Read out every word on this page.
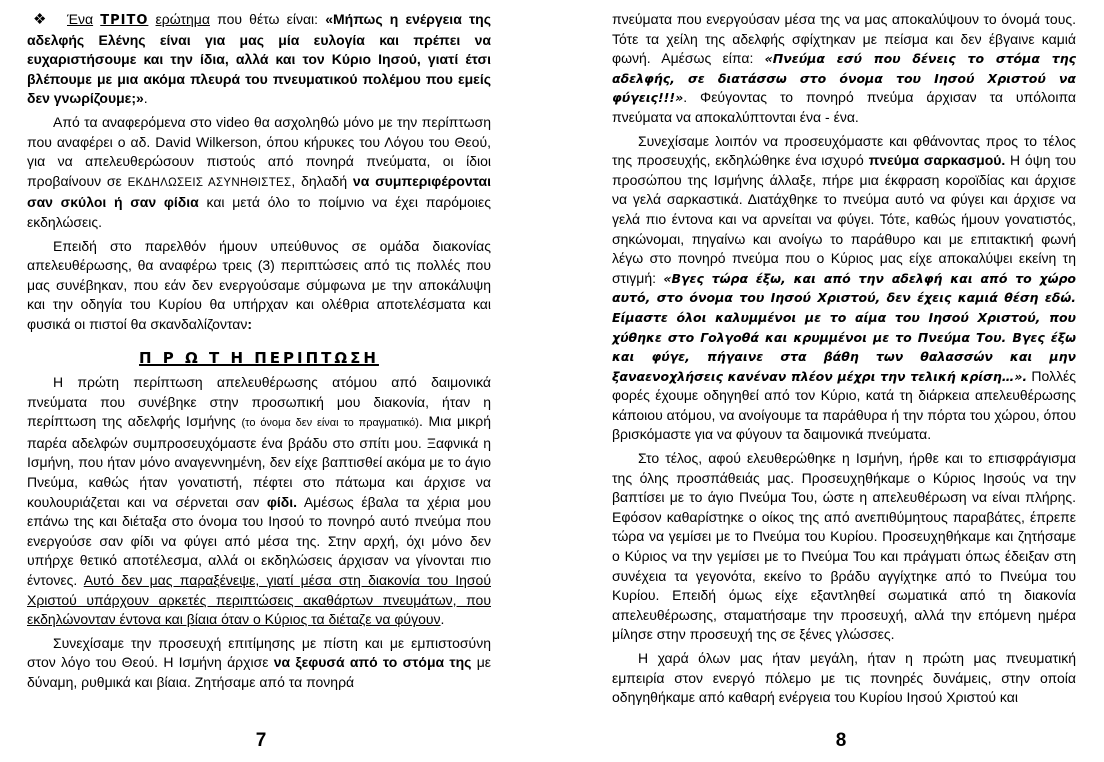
❖ Ένα ΤΡΙΤΟ ερώτημα που θέτω είναι: «Μήπως η ενέργεια της αδελφής Ελένης είναι για μας μία ευλογία και πρέπει να ευχαριστήσουμε και την ίδια, αλλά και τον Κύριο Ιησού, γιατί έτσι βλέπουμε με μια ακόμα πλευρά του πνευματικού πολέμου που εμείς δεν γνωρίζουμε;».

Από τα αναφερόμενα στο video θα ασχοληθώ μόνο με την περίπτωση που αναφέρει ο αδ. David Wilkerson, όπου κήρυκες του Λόγου του Θεού, για να απελευθερώσουν πιστούς από πονηρά πνεύματα, οι ίδιοι προβαίνουν σε ΕΚΔΗΛΩΣΕΙΣ ΑΣΥΝΗΘΙΣΤΕΣ, δηλαδή να συμπεριφέρονται σαν σκύλοι ή σαν φίδια και μετά όλο το ποίμνιο να έχει παρόμοιες εκδηλώσεις.

Επειδή στο παρελθόν ήμουν υπεύθυνος σε ομάδα διακονίας απελευθέρωσης, θα αναφέρω τρεις (3) περιπτώσεις από τις πολλές που μας συνέβηκαν, που εάν δεν ενεργούσαμε σύμφωνα με την αποκάλυψη και την οδηγία του Κυρίου θα υπήρχαν και ολέθρια αποτελέσματα και φυσικά οι πιστοί θα σκανδαλίζονταν:

Π Ρ Ω Τ Η ΠΕΡΙΠΤΩΣΗ

Η πρώτη περίπτωση απελευθέρωσης ατόμου από δαιμονικά πνεύματα που συνέβηκε στην προσωπική μου διακονία, ήταν η περίπτωση της αδελφής Ισμήνης (το όνομα δεν είναι το πραγματικό). Μια μικρή παρέα αδελφών συμπροσευχόμαστε ένα βράδυ στο σπίτι μου. Ξαφνικά η Ισμήνη, που ήταν μόνο αναγεννημένη, δεν είχε βαπτισθεί ακόμα με το άγιο Πνεύμα, καθώς ήταν γονατιστή, πέφτει στο πάτωμα και άρχισε να κουλουριάζεται και να σέρνεται σαν φίδι. Αμέσως έβαλα τα χέρια μου επάνω της και διέταξα στο όνομα του Ιησού το πονηρό αυτό πνεύμα που ενεργούσε σαν φίδι να φύγει από μέσα της. Στην αρχή, όχι μόνο δεν υπήρχε θετικό αποτέλεσμα, αλλά οι εκδηλώσεις άρχισαν να γίνονται πιο έντονες. Αυτό δεν μας παραξένεψε, γιατί μέσα στη διακονία του Ιησού Χριστού υπάρχουν αρκετές περιπτώσεις ακαθάρτων πνευμάτων, που εκδηλώνονταν έντονα και βίαια όταν ο Κύριος τα διέταζε να φύγουν.

Συνεχίσαμε την προσευχή επιτίμησης με πίστη και με εμπιστοσύνη στον λόγο του Θεού. Η Ισμήνη άρχισε να ξεφυσά από το στόμα της με δύναμη, ρυθμικά και βίαια. Ζητήσαμε από τα πονηρά

7

πνεύματα που ενεργούσαν μέσα της να μας αποκαλύψουν το όνομά τους. Τότε τα χείλη της αδελφής σφίχτηκαν με πείσμα και δεν έβγαινε καμιά φωνή. Αμέσως είπα: «Πνεύμα εσύ που δένεις το στόμα της αδελφής, σε διατάσσω στο όνομα του Ιησού Χριστού να φύγεις!!!». Φεύγοντας το πονηρό πνεύμα άρχισαν τα υπόλοιπα πνεύματα να αποκαλύπτονται ένα - ένα.

Συνεχίσαμε λοιπόν να προσευχόμαστε και φθάνοντας προς το τέλος της προσευχής, εκδηλώθηκε ένα ισχυρό πνεύμα σαρκασμού. Η όψη του προσώπου της Ισμήνης άλλαξε, πήρε μια έκφραση κοροϊδίας και άρχισε να γελά σαρκαστικά. Διατάχθηκε το πνεύμα αυτό να φύγει και άρχισε να γελά πιο έντονα και να αρνείται να φύγει. Τότε, καθώς ήμουν γονατιστός, σηκώνομαι, πηγαίνω και ανοίγω το παράθυρο και με επιτακτική φωνή λέγω στο πονηρό πνεύμα που ο Κύριος μας είχε αποκαλύψει εκείνη τη στιγμή: «Βγες τώρα έξω, και από την αδελφή και από το χώρο αυτό, στο όνομα του Ιησού Χριστού, δεν έχεις καμιά θέση εδώ. Είμαστε όλοι καλυμμένοι με το αίμα του Ιησού Χριστού, που χύθηκε στο Γολγοθά και κρυμμένοι με το Πνεύμα Του. Βγες έξω και φύγε, πήγαινε στα βάθη των θαλασσών και μην ξαναενοχλήσεις κανέναν πλέον μέχρι την τελική κρίση…». Πολλές φορές έχουμε οδηγηθεί από τον Κύριο, κατά τη διάρκεια απελευθέρωσης κάποιου ατόμου, να ανοίγουμε τα παράθυρα ή την πόρτα του χώρου, όπου βρισκόμαστε για να φύγουν τα δαιμονικά πνεύματα.

Στο τέλος, αφού ελευθερώθηκε η Ισμήνη, ήρθε και το επισφράγισμα της όλης προσπάθειάς μας. Προσευχηθήκαμε ο Κύριος Ιησούς να την βαπτίσει με το άγιο Πνεύμα Του, ώστε η απελευθέρωση να είναι πλήρης. Εφόσον καθαρίστηκε ο οίκος της από ανεπιθύμητους παραβάτες, έπρεπε τώρα να γεμίσει με το Πνεύμα του Κυρίου. Προσευχηθήκαμε και ζητήσαμε ο Κύριος να την γεμίσει με το Πνεύμα Του και πράγματι όπως έδειξαν στη συνέχεια τα γεγονότα, εκείνο το βράδυ αγγίχτηκε από το Πνεύμα του Κυρίου. Επειδή όμως είχε εξαντληθεί σωματικά από τη διακονία απελευθέρωσης, σταματήσαμε την προσευχή, αλλά την επόμενη ημέρα μίλησε στην προσευχή της σε ξένες γλώσσες.

Η χαρά όλων μας ήταν μεγάλη, ήταν η πρώτη μας πνευματική εμπειρία στον ενεργό πόλεμο με τις πονηρές δυνάμεις, στην οποία οδηγηθήκαμε από καθαρή ενέργεια του Κυρίου Ιησού Χριστού και

8
